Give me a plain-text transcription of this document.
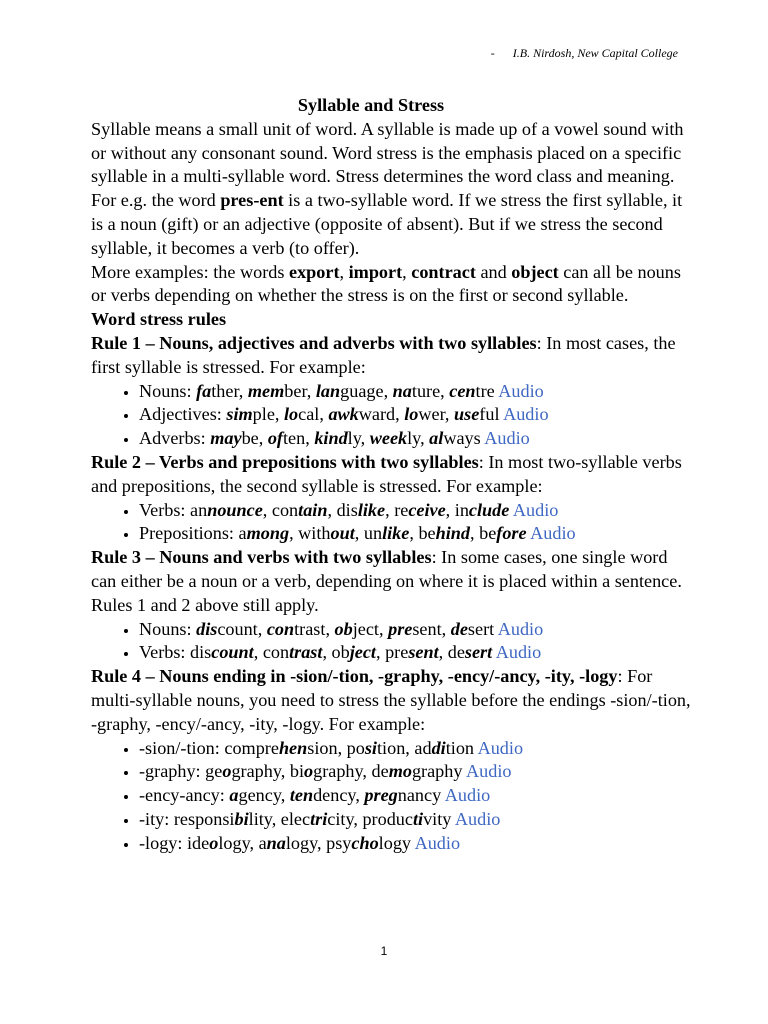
- I.B. Nirdosh, New Capital College
Syllable and Stress

Syllable means a small unit of word. A syllable is made up of a vowel sound with or without any consonant sound. Word stress is the emphasis placed on a specific syllable in a multi-syllable word. Stress determines the word class and meaning. For e.g. the word pres-ent is a two-syllable word. If we stress the first syllable, it is a noun (gift) or an adjective (opposite of absent). But if we stress the second syllable, it becomes a verb (to offer).

More examples: the words export, import, contract and object can all be nouns or verbs depending on whether the stress is on the first or second syllable.

Word stress rules

Rule 1 – Nouns, adjectives and adverbs with two syllables: In most cases, the first syllable is stressed. For example:

• Nouns: father, member, language, nature, centre Audio
• Adjectives: simple, local, awkward, lower, useful Audio
• Adverbs: maybe, often, kindly, weekly, always Audio

Rule 2 – Verbs and prepositions with two syllables: In most two-syllable verbs and prepositions, the second syllable is stressed. For example:

• Verbs: announce, contain, dislike, receive, include Audio
• Prepositions: among, without, unlike, behind, before Audio

Rule 3 – Nouns and verbs with two syllables: In some cases, one single word can either be a noun or a verb, depending on where it is placed within a sentence. Rules 1 and 2 above still apply.

• Nouns: discount, contrast, object, present, desert Audio
• Verbs: discount, contrast, object, present, desert Audio

Rule 4 – Nouns ending in -sion/-tion, -graphy, -ency/-ancy, -ity, -logy: For multi-syllable nouns, you need to stress the syllable before the endings -sion/-tion, -graphy, -ency/-ancy, -ity, -logy. For example:

• -sion/-tion: comprehension, position, addition Audio
• -graphy: geography, biography, demography Audio
• -ency-ancy: agency, tendency, pregnancy Audio
• -ity: responsibility, electricity, productivity Audio
• -logy: ideology, analogy, psychology Audio
1
